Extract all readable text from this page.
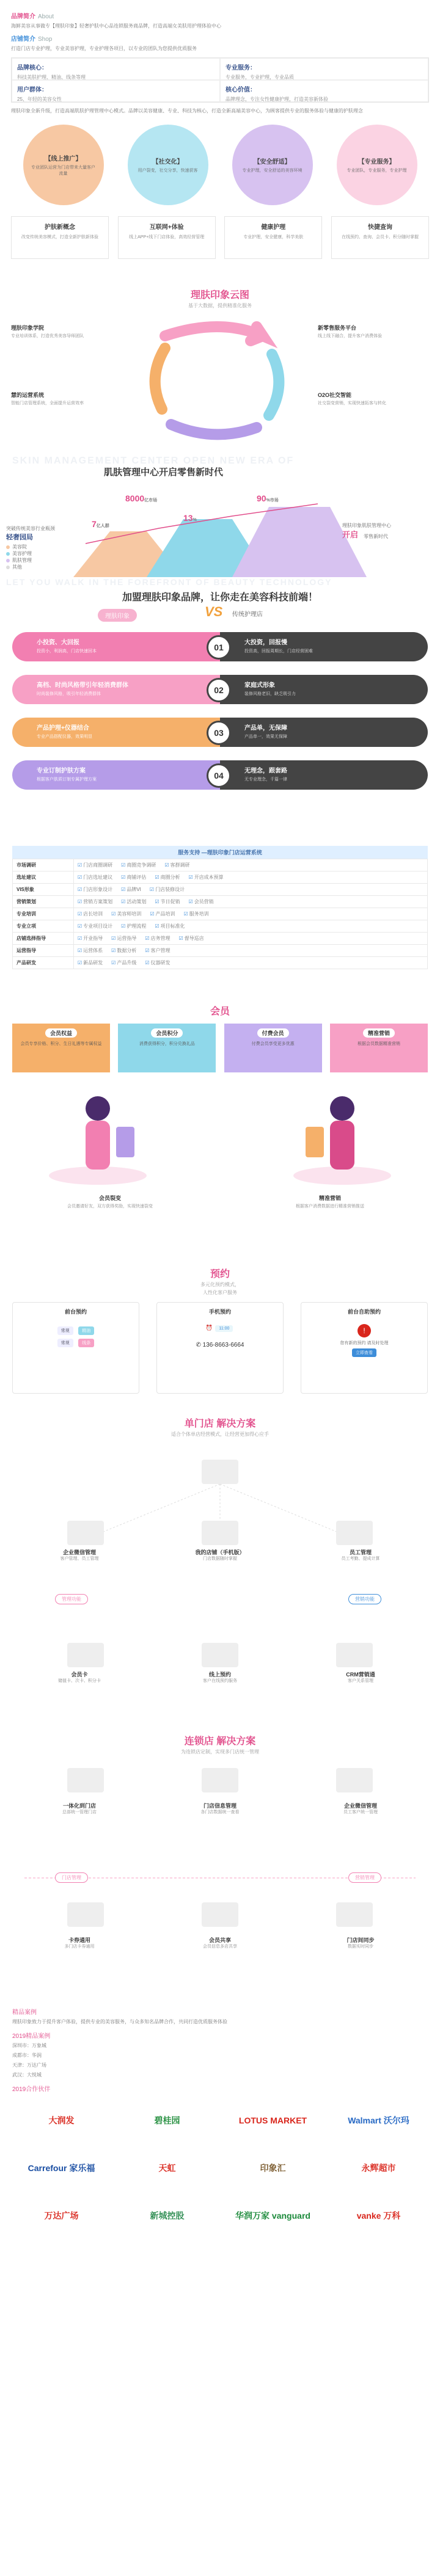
品牌简介 About
海鲜美容从事做专【理肤印象】轻奢护肤中心品连锁服务商品牌，打造高端女美肤用护理体验中心
店铺简介 Shop
打造门店专业护理，专业美容护理，专业护理各项目，以专业的团队为您提供优质服务
品牌核心：
科技美肤护理、精油、线条等理
专业服务：
专业服务，专业护理，专业品质
用户群体：
25、年轻的美容女性
核心价值：
品牌理念，专注女性健康护理，打造美容新体验
理肤印象全新升级，打造高端肌肤护理管理中心模式。品牌以美容健康、专业、科技为核心，打造全新高端美容中心，为顾客提供专业的服务体验与健康的护肤理念
【线上推广】
专业团队运营为门店带来大量客户流量
【社交化】
用户裂变，社交分享，快速获客
【安全舒适】
专业护理，安全舒适的美容环境
【专业服务】
专业团队，专业服务，专业护理
护肤新概念
改变传统美容模式，打造全新护肤新体验
互联网+体验
线上APP+线下门店体验，高效经营管理
健康护理
专业护理，安全健康，科学美肤
快捷查询
在线预约、查询、会员卡、积分随时掌握
理肤印象云图
基于大数据，提供精准化服务
理肤印象学院
专业培训体系，打造优秀美容导师团队
新零售服务平台
线上线下融合，提升客户消费体验
慧的运营系统
智能门店管理系统，全面提升运营效率
O2O社交智能
社交裂变营销，实现快速拓客与转化
SKIN MANAGEMENT CENTER OPEN NEW ERA OF
肌肤管理中心开启零售新时代
8000亿市场	90%市场
7亿人群
13%
突破传统美容行业瓶颈
轻奢园局
美容院
美容护理
肌肤管理
其他
理肤印象肌肤管理中心
开启 零售新时代
LET YOU WALK IN THE FOREFRONT OF BEAUTY TECHNOLOGY
加盟理肤印象品牌，让你走在美容科技前端！
理肤印象	VS 传统护理店
小投资、大回报
投资小，利润高，门店快速回本
大投资，回报慢
投资高，回报周期长，门店经营困难
01
高档、时尚风格带引年轻消费群体
时尚装修风格，吸引年轻消费群体
家庭式形象
装修风格老旧，缺乏吸引力
02
产品护理+仪器结合
专业产品搭配仪器，效果明显
产品单，无保障
产品单一，效果无保障
03
专业订制护肤方案
根据客户肤质订制专属护理方案
无理念，跟套路
无专业理念，千篇一律
04
服务支持 —理肤印象门店运营系统
市场调研	☑ 门店商圈调研 ☑ 商圈竞争调研 ☑ 客群调研
选址建议	☑ 门店选址建议 ☑ 商铺评估 ☑ 商圈分析 ☑ 开店成本预算
VIS形象	☑ 门店形象设计 ☑ 品牌VI ☑ 门店装修设计
营销策划	☑ 营销方案策划 ☑ 活动策划 ☑ 节日促销 ☑ 会员营销
专业培训	☑ 店长培训 ☑ 美容师培训 ☑ 产品培训 ☑ 服务培训
专业立项	☑ 专业项目设计 ☑ 护理流程 ☑ 项目标准化
店铺选择指导	☑ 开业指导 ☑ 运营指导 ☑ 店务管理 ☑ 督导巡店
运营指导	☑ 运营体系 ☑ 数据分析 ☑ 客户管理
产品研发	☑ 新品研发 ☑ 产品升级 ☑ 仪器研发
会员
会员权益
会员专享价格、积分、生日礼遇等专属权益
会员积分
消费获得积分，积分兑换礼品
付费会员
付费会员享受更多优惠
精准营销
根据会员数据精准营销
会员裂变
会员邀请好友，双方获得奖励，实现快速裂变
精准营销
根据客户消费数据进行精准营销推送
预约
多元化预约模式，
人性化客户服务
前台预约
常规	精油
常规	线条
手机预约
⏰ 11:00
✆ 136-8663-6664
前台自助预约
!
您有新的预约 请及时处理
立即查看
单门店 解决方案
适合个体单店经营模式，让经营更加得心应手
企业微信管理
客户管理、员工管理
我的店铺（手机版）
门店数据随时掌握
员工管理
员工考勤、提成计算
管理功能	营销功能
会员卡
储值卡、次卡、积分卡
线上预约
客户在线预约服务
CRM营销通
客户关系管理
连锁店 解决方案
为连锁店定制，实现多门店统一管理
一体化到门店
总部统一管理门店
门店信息管理
各门店数据统一查看
企业微信管理
员工客户统一管理
门店管理	营销管理
卡券通用
多门店卡券通用
会员共享
会员信息多店共享
门店间同步
数据实时同步
精品案例
理肤印象致力于提升客户体验，提供专业的美容服务，与众多知名品牌合作，共同打造优质服务体验
2019精品案例
深圳市：万象城
成都市：华润
天津：万达广场
武汉：大悦城
2019合作伙伴
大润发	碧桂园	LOTUS MARKET	Walmart 沃尔玛
Carrefour 家乐福	天虹	印象汇	永辉超市
万达广场	新城控股	华润万家 vanguard	vanke 万科
